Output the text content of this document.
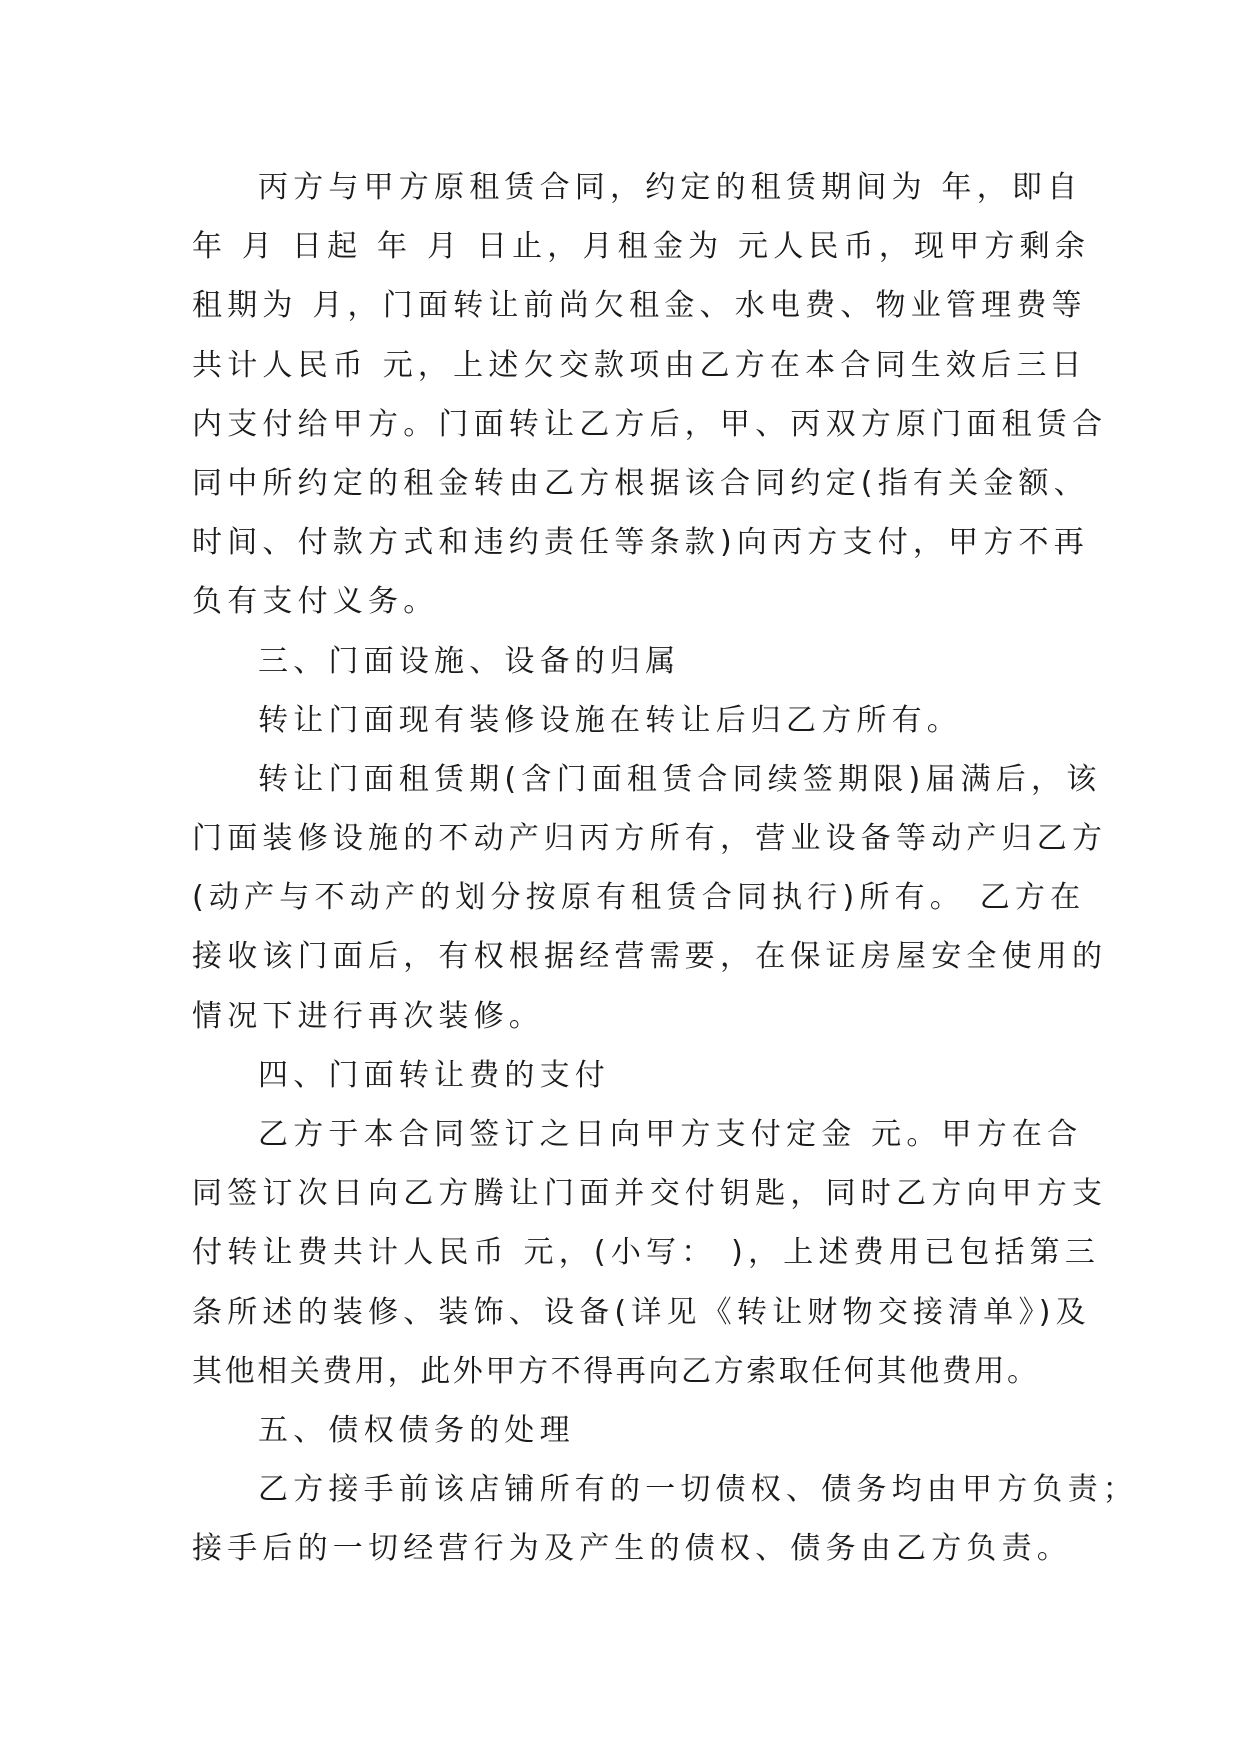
丙方与甲方原租赁合同，约定的租赁期间为 年，即自
年 月 日起 年 月 日止，月租金为 元人民币，现甲方剩余
租期为 月，门面转让前尚欠租金、水电费、物业管理费等
共计人民币 元，上述欠交款项由乙方在本合同生效后三日
内支付给甲方。门面转让乙方后，甲、丙双方原门面租赁合
同中所约定的租金转由乙方根据该合同约定(指有关金额、
时间、付款方式和违约责任等条款)向丙方支付，甲方不再
负有支付义务。
三、门面设施、设备的归属
转让门面现有装修设施在转让后归乙方所有。
转让门面租赁期(含门面租赁合同续签期限)届满后，该
门面装修设施的不动产归丙方所有，营业设备等动产归乙方
(动产与不动产的划分按原有租赁合同执行)所有。 乙方在
接收该门面后，有权根据经营需要，在保证房屋安全使用的
情况下进行再次装修。
四、门面转让费的支付
乙方于本合同签订之日向甲方支付定金 元。甲方在合
同签订次日向乙方腾让门面并交付钥匙，同时乙方向甲方支
付转让费共计人民币 元，(小写： )，上述费用已包括第三
条所述的装修、装饰、设备(详见《转让财物交接清单》)及
其他相关费用，此外甲方不得再向乙方索取任何其他费用。
五、债权债务的处理
乙方接手前该店铺所有的一切债权、债务均由甲方负责；
接手后的一切经营行为及产生的债权、债务由乙方负责。
